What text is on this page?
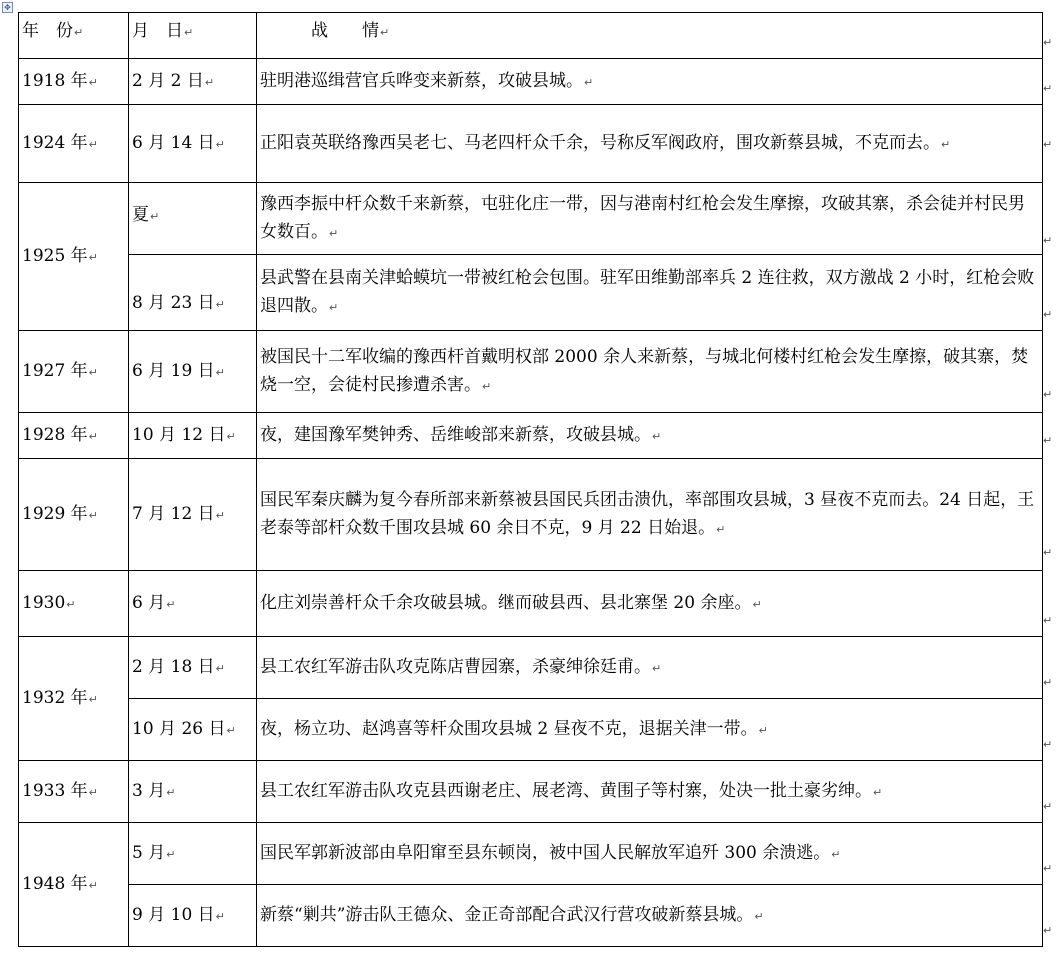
✥
年　份↵	月　日↵	战　　情↵
1918 年↵	2 月 2 日↵	驻明港巡缉营官兵哗变来新蔡，攻破县城。↵
1924 年↵	6 月 14 日↵	正阳袁英联络豫西吴老七、马老四杆众千余，号称反军阀政府，围攻新蔡县城，不克而去。↵
1925 年↵	夏↵	豫西李振中杆众数千来新蔡，屯驻化庄一带，因与港南村红枪会发生摩擦，攻破其寨，杀会徒并村民男女数百。↵
	8 月 23 日↵	县武警在县南关津蛤蟆坑一带被红枪会包围。驻军田维勤部率兵 2 连往救，双方激战 2 小时，红枪会败退四散。↵
1927 年↵	6 月 19 日↵	被国民十二军收编的豫西杆首戴明权部 2000 余人来新蔡，与城北何楼村红枪会发生摩擦，破其寨，焚烧一空，会徒村民掺遭杀害。↵
1928 年↵	10 月 12 日↵	夜，建国豫军樊钟秀、岳维峻部来新蔡，攻破县城。↵
1929 年↵	7 月 12 日↵	国民军秦庆麟为复今春所部来新蔡被县国民兵团击溃仇，率部围攻县城，3 昼夜不克而去。24 日起，王老泰等部杆众数千围攻县城 60 余日不克，9 月 22 日始退。↵
1930↵	6 月↵	化庄刘崇善杆众千余攻破县城。继而破县西、县北寨堡 20 余座。↵
1932 年↵	2 月 18 日↵	县工农红军游击队攻克陈店曹园寨，杀豪绅徐廷甫。↵
	10 月 26 日↵	夜，杨立功、赵鸿喜等杆众围攻县城 2 昼夜不克，退据关津一带。↵
1933 年↵	3 月↵	县工农红军游击队攻克县西谢老庄、展老湾、黄围子等村寨，处决一批土豪劣绅。↵
1948 年↵	5 月↵	国民军郭新波部由阜阳窜至县东顿岗，被中国人民解放军追歼 300 余溃逃。↵
	9 月 10 日↵	新蔡“剿共”游击队王德众、金正奇部配合武汉行营攻破新蔡县城。↵
↵
↵
↵
↵
↵
↵
↵
↵
↵
↵
↵
↵
↵
↵
